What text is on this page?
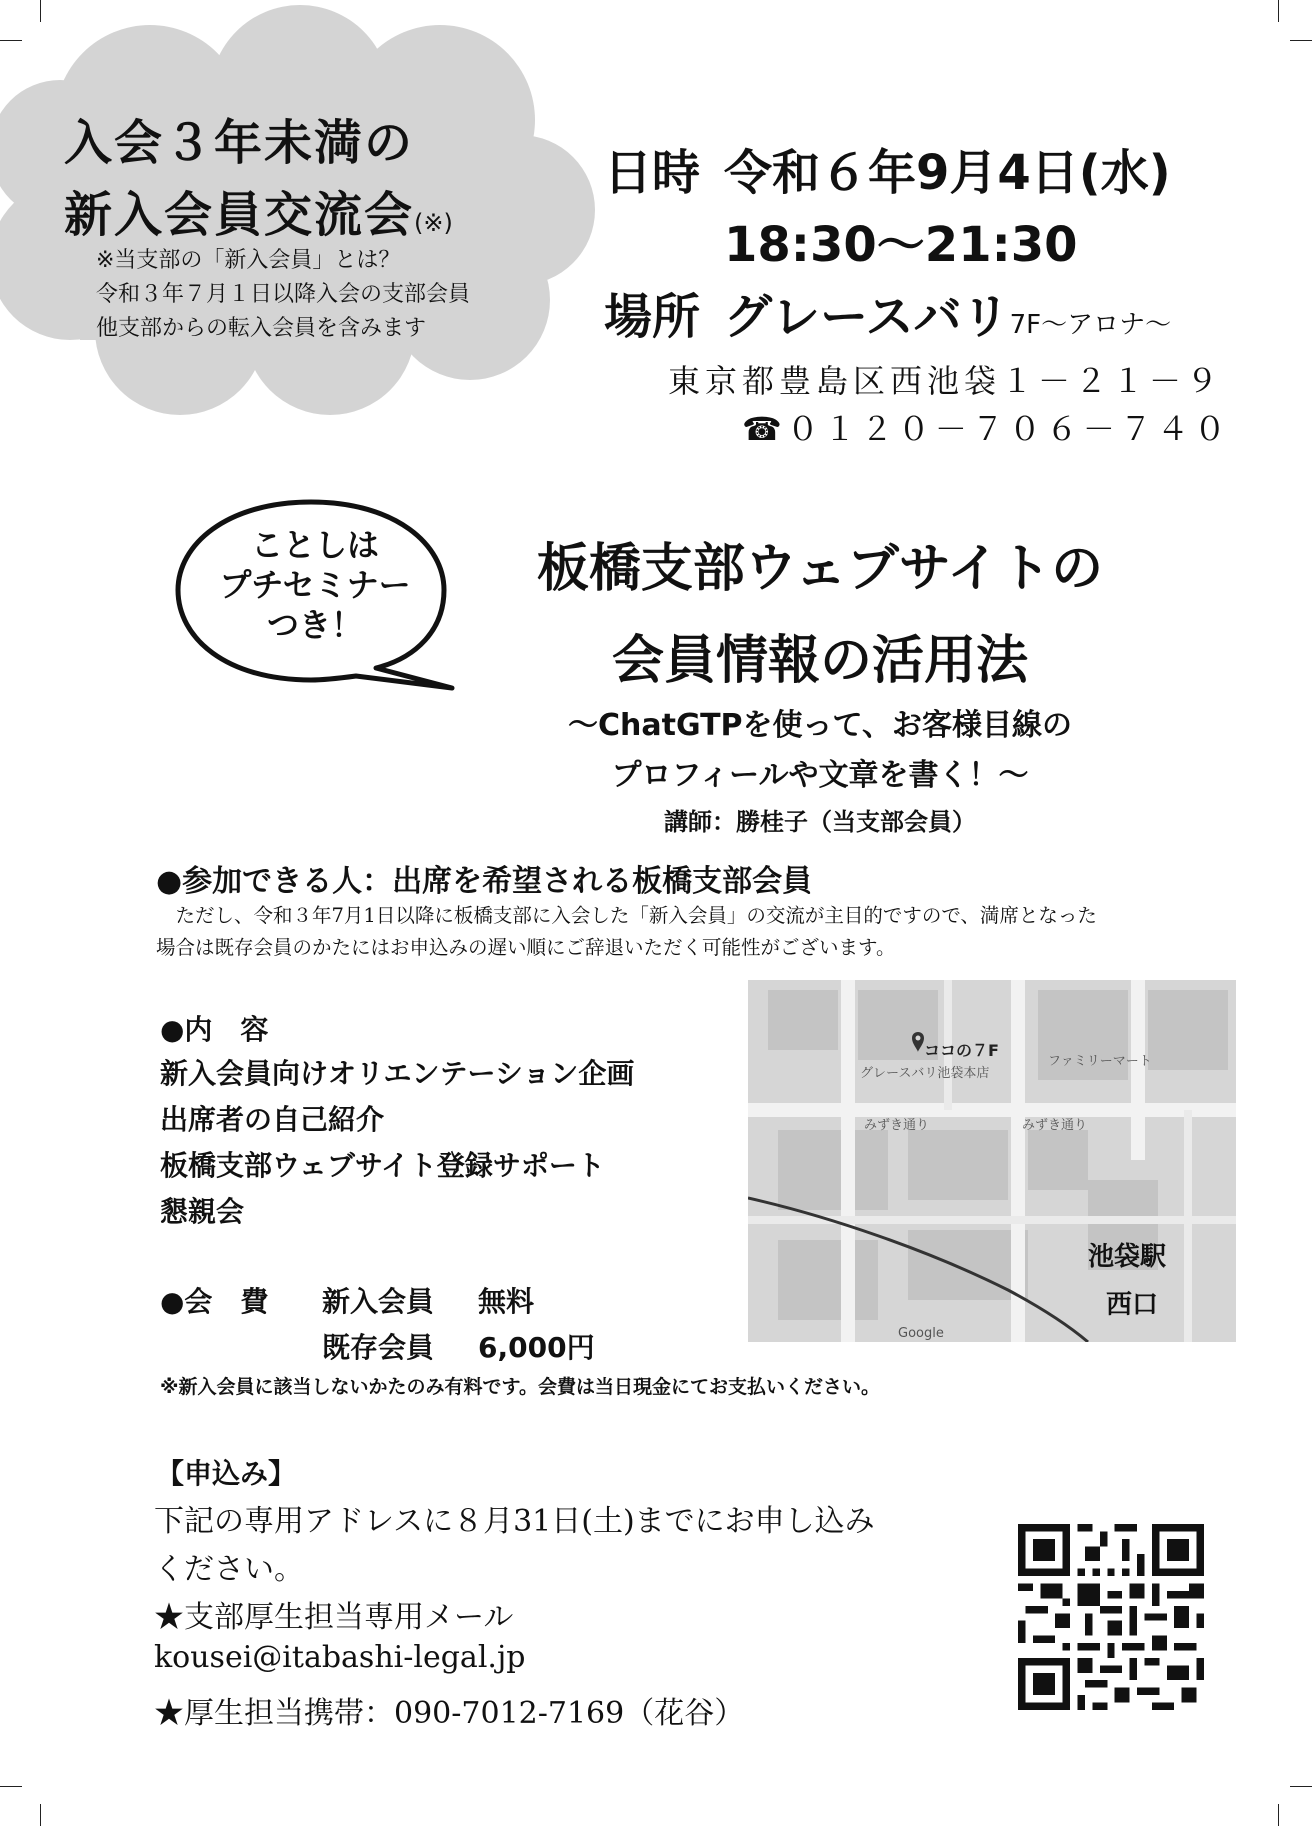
入会３年未満の
新入会員交流会(※)
※当支部の「新入会員」とは？
令和３年７月１日以降入会の支部会員
他支部からの転入会員を含みます
日時 令和６年9月4日(水)
18:30〜21:30
場所 グレースバリ7F〜アロナ〜
東京都豊島区西池袋１－２１－９
☎０１２０－７０６－７４０
ことしは
プチセミナー
つき！
板橋支部ウェブサイトの
会員情報の活用法
〜ChatGTPを使って、お客様目線の
プロフィールや文章を書く！〜
講師：勝桂子（当支部会員）
●参加できる人：出席を希望される板橋支部会員
　ただし、令和３年7月1日以降に板橋支部に入会した「新入会員」の交流が主目的ですので、満席となった
場合は既存会員のかたにはお申込みの遅い順にご辞退いただく可能性がございます。
●内　容
新入会員向けオリエンテーション企画
出席者の自己紹介
板橋支部ウェブサイト登録サポート
懇親会
●会　費 新入会員 無料
既存会員 6,000円
※新入会員に該当しないかたのみ有料です。会費は当日現金にてお支払いください。
ココの７F
グレースバリ池袋本店
ファミリーマート
みずき通り	みずき通り
池袋駅
西口
Google
【申込み】
下記の専用アドレスに８月31日(土)までにお申し込み
ください。
★支部厚生担当専用メール
kousei@itabashi-legal.jp
★厚生担当携帯：090-7012-7169（花谷）
